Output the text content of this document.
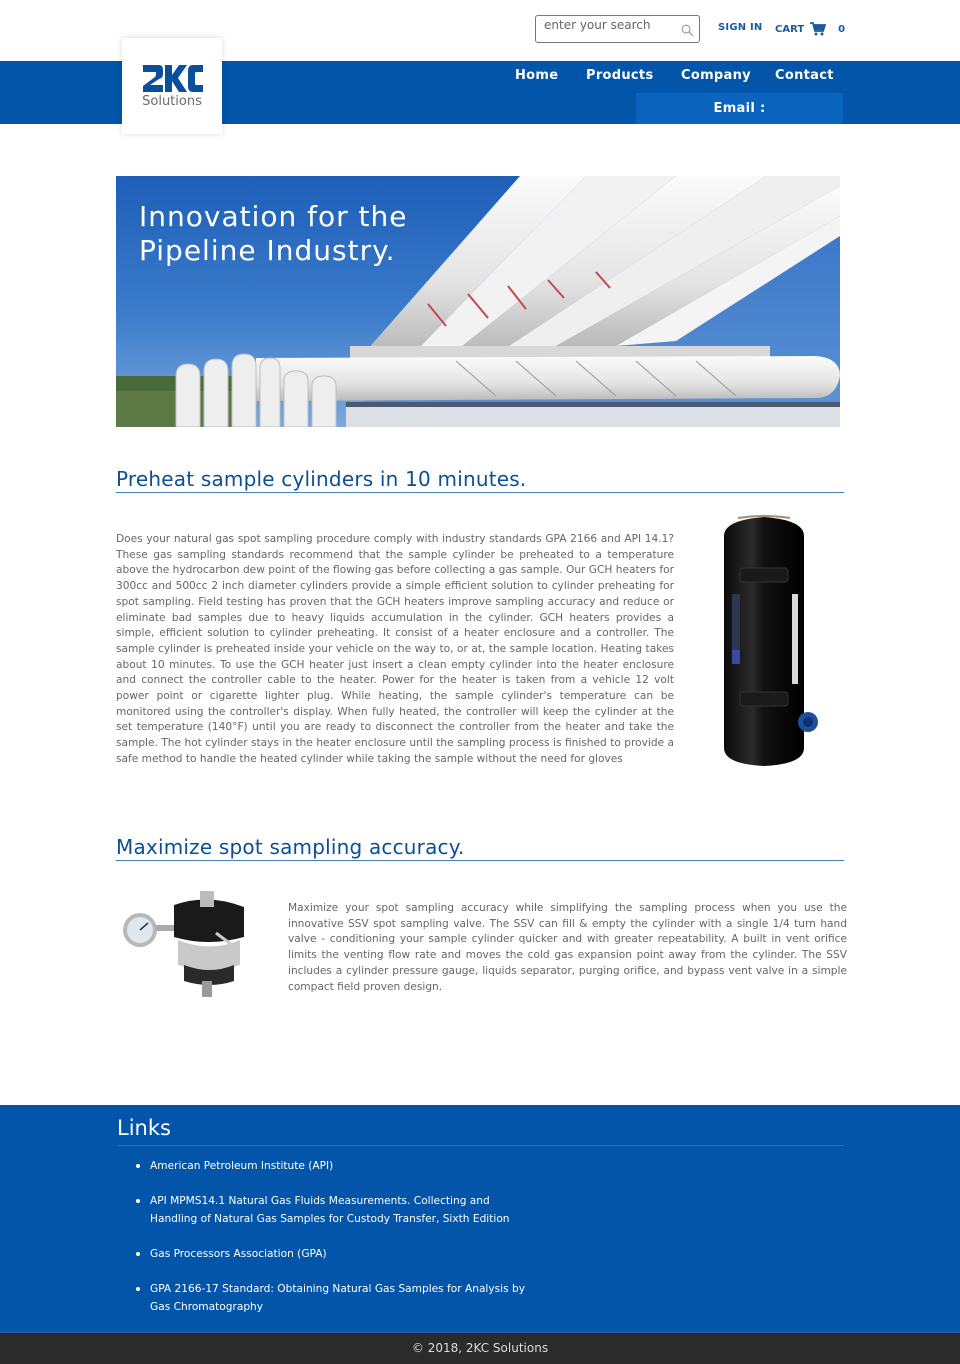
enter your search
SIGN IN CART	0
Solutions
Home Products Company Contact
Email : sales@microflx.com
Innovation for the
Pipeline Industry.
Preheat sample cylinders in 10 minutes.

Does your natural gas spot sampling procedure comply with industry standards GPA 2166 and API 14.1? These gas sampling standards recommend that the sample cylinder be preheated to a temperature above the hydrocarbon dew point of the flowing gas before collecting a gas sample. Our GCH heaters for 300cc and 500cc 2 inch diameter cylinders provide a simple efficient solution to cylinder preheating for spot sampling. Field testing has proven that the GCH heaters improve sampling accuracy and reduce or eliminate bad samples due to heavy liquids accumulation in the cylinder. GCH heaters provides a simple, efficient solution to cylinder preheating. It consist of a heater enclosure and a controller. The sample cylinder is preheated inside your vehicle on the way to, or at, the sample location. Heating takes about 10 minutes. To use the GCH heater just insert a clean empty cylinder into the heater enclosure and connect the controller cable to the heater. Power for the heater is taken from a vehicle 12 volt power point or cigarette lighter plug. While heating, the sample cylinder's temperature can be monitored using the controller's display. When fully heated, the controller will keep the cylinder at the set temperature (140°F) until you are ready to disconnect the controller from the heater and take the sample. The hot cylinder stays in the heater enclosure until the sampling process is finished to provide a safe method to handle the heated cylinder while taking the sample without the need for gloves

Maximize spot sampling accuracy.

Maximize your spot sampling accuracy while simplifying the sampling process when you use the innovative SSV spot sampling valve. The SSV can fill & empty the cylinder with a single 1/4 turn hand valve - conditioning your sample cylinder quicker and with greater repeatability. A built in vent orifice limits the venting flow rate and moves the cold gas expansion point away from the cylinder. The SSV includes a cylinder pressure gauge, liquids separator, purging orifice, and bypass vent valve in a simple compact field proven design.

Links
American Petroleum Institute (API)
API MPMS14.1 Natural Gas Fluids Measurements. Collecting and Handling of Natural Gas Samples for Custody Transfer, Sixth Edition
Gas Processors Association (GPA)
GPA 2166-17 Standard: Obtaining Natural Gas Samples for Analysis by Gas Chromatography
© 2018, 2KC Solutions
